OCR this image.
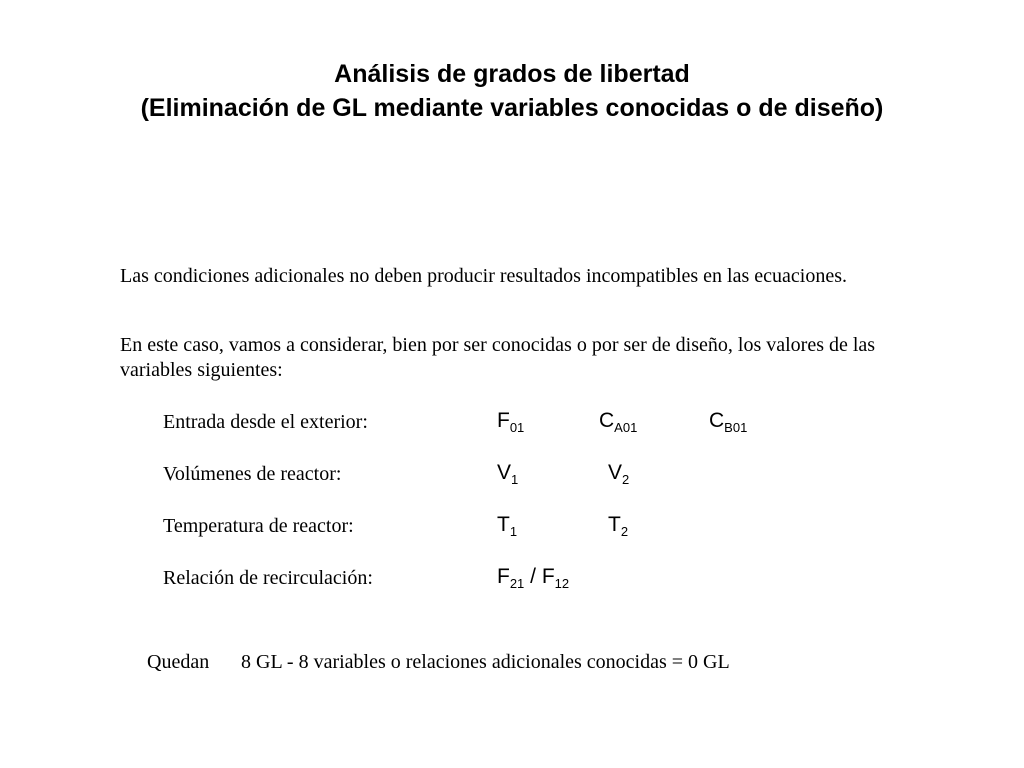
Análisis de grados de libertad
(Eliminación de GL mediante variables conocidas o de diseño)
Las condiciones adicionales no deben producir resultados incompatibles en las ecuaciones.
En este caso, vamos a considerar, bien por ser conocidas o por ser de diseño, los valores de las variables siguientes:
Entrada desde el exterior:	$F_{01}$	$C_{A01}$	$C_{B01}$
Volúmenes de reactor:	$V_1$	$V_2$
Temperatura de reactor:	$T_1$	$T_2$
Relación de recirculación:	$F_{21} / F_{12}$
Quedan 8 GL - 8 variables o relaciones adicionales conocidas = 0 GL
